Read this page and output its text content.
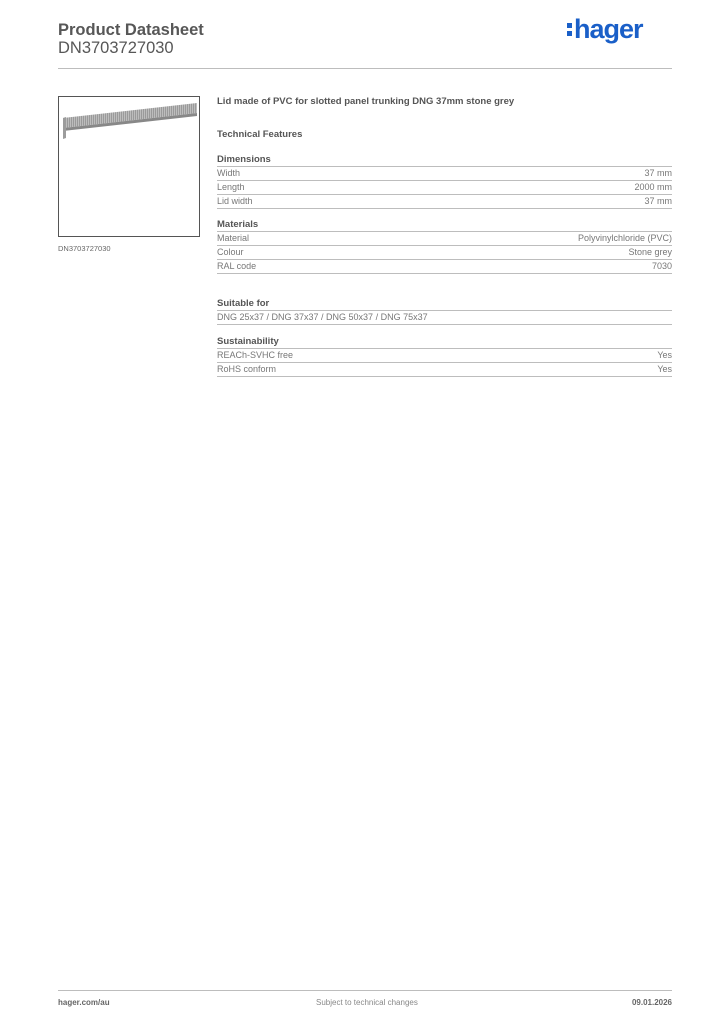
Product Datasheet
DN3703727030
hager
DN3703727030
Lid made of PVC for slotted panel trunking DNG 37mm stone grey
Technical Features
Dimensions
Width	37 mm
Length	2000 mm
Lid width	37 mm
Materials
Material	Polyvinylchloride (PVC)
Colour	Stone grey
RAL code	7030
Suitable for
DNG 25x37 / DNG 37x37 / DNG 50x37 / DNG 75x37
Sustainability
REACh-SVHC free	Yes
RoHS conform	Yes
hager.com/au	Subject to technical changes	09.01.2026
